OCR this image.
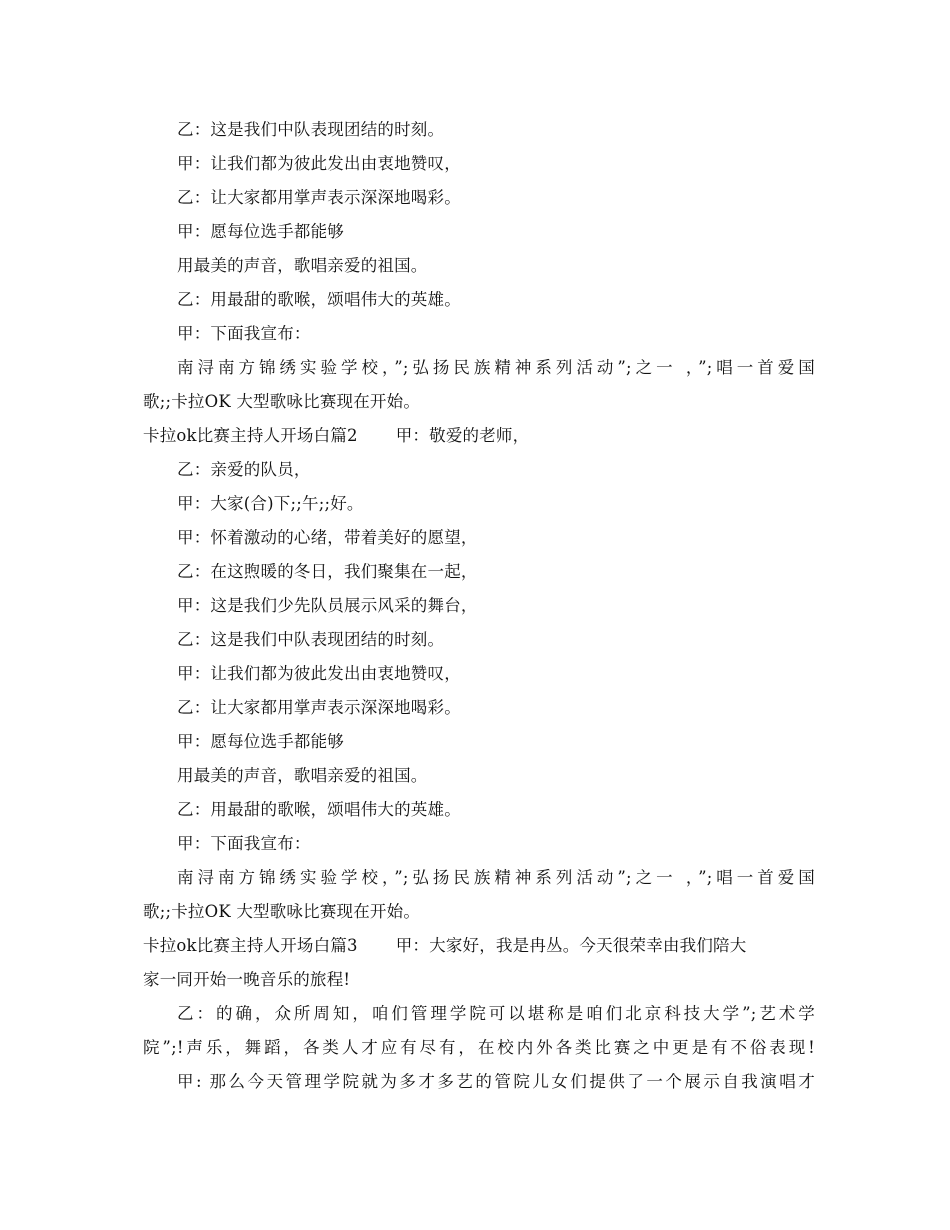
乙：这是我们中队表现团结的时刻。
甲：让我们都为彼此发出由衷地赞叹，
乙：让大家都用掌声表示深深地喝彩。
甲：愿每位选手都能够
用最美的声音，歌唱亲爱的祖国。
乙：用最甜的歌喉，颂唱伟大的英雄。
甲：下面我宣布：
南浔南方锦绣实验学校，”;弘扬民族精神系列活动”;之一 ，”;唱一首爱国
歌;;卡拉OK 大型歌咏比赛现在开始。
卡拉ok比赛主持人开场白篇2 甲：敬爱的老师，
乙：亲爱的队员，
甲：大家(合)下;;午;;好。
甲：怀着激动的心绪，带着美好的愿望，
乙：在这煦暖的冬日，我们聚集在一起，
甲：这是我们少先队员展示风采的舞台，
乙：这是我们中队表现团结的时刻。
甲：让我们都为彼此发出由衷地赞叹，
乙：让大家都用掌声表示深深地喝彩。
甲：愿每位选手都能够
用最美的声音，歌唱亲爱的祖国。
乙：用最甜的歌喉，颂唱伟大的英雄。
甲：下面我宣布：
南浔南方锦绣实验学校，”;弘扬民族精神系列活动”;之一 ，”;唱一首爱国
歌;;卡拉OK 大型歌咏比赛现在开始。
卡拉ok比赛主持人开场白篇3 甲：大家好，我是冉丛。今天很荣幸由我们陪大
家一同开始一晚音乐的旅程!
乙：的确，众所周知，咱们管理学院可以堪称是咱们北京科技大学”;艺术学
院”;!声乐，舞蹈，各类人才应有尽有，在校内外各类比赛之中更是有不俗表现!
甲: 那么今天管理学院就为多才多艺的管院儿女们提供了一个展示自我演唱才
